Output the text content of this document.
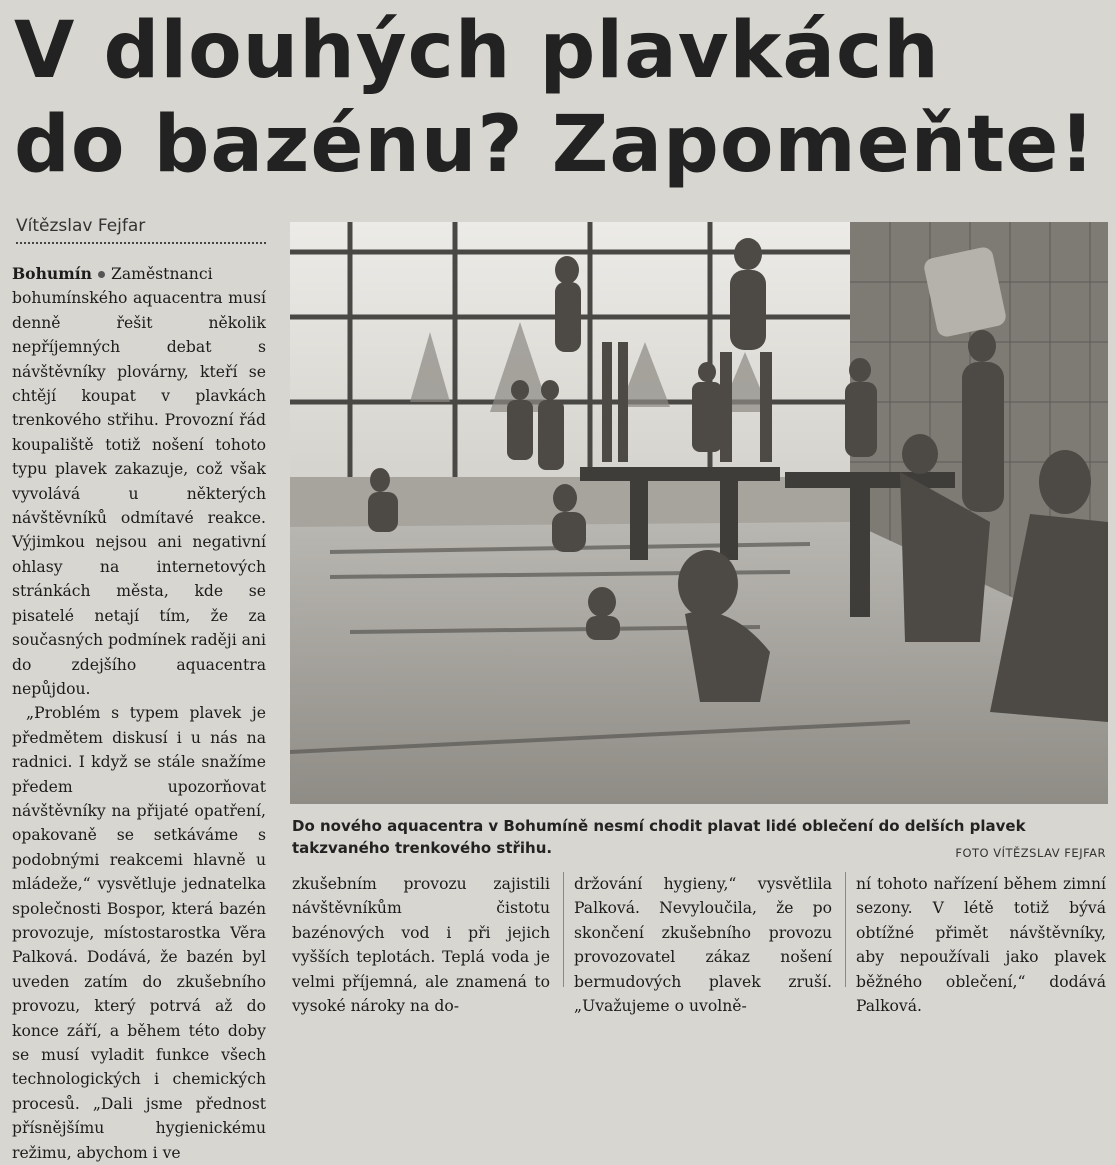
V dlouhých plavkách
do bazénu? Zapomeňte!
Vítězslav Fejfar

Bohumín Zaměstnanci bohumínského aquacentra musí denně řešit několik nepříjemných debat s návštěvníky plovárny, kteří se chtějí koupat v plavkách trenkového střihu. Provozní řád koupaliště totiž nošení tohoto typu plavek zakazuje, což však vyvolává u některých návštěvníků odmítavé reakce. Výjimkou nejsou ani negativní ohlasy na internetových stránkách města, kde se pisatelé netají tím, že za současných podmínek raději ani do zdejšího aquacentra nepůjdou.

„Problém s typem plavek je předmětem diskusí i u nás na radnici. I když se stále snažíme předem upozorňovat návštěvníky na přijaté opatření, opakovaně se setkáváme s podobnými reakcemi hlavně u mládeže,“ vysvětluje jednatelka společnosti Bospor, která bazén provozuje, místostarostka Věra Palková. Dodává, že bazén byl uveden zatím do zkušebního provozu, který potrvá až do konce září, a během této doby se musí vyladit funkce všech technologických i chemických procesů. „Dali jsme přednost přísnějšímu hygienickému režimu, abychom i ve

Do nového aquacentra v Bohumíně nesmí chodit plavat lidé oblečení do delších plavek takzvaného trenkového střihu.	FOTO VÍTĚZSLAV FEJFAR

zkušebním provozu zajistili návštěvníkům čistotu bazénových vod i při jejich vyšších teplotách. Teplá voda je velmi příjemná, ale znamená to vysoké nároky na do-

držování hygieny,“ vysvětlila Palková. Nevyloučila, že po skončení zkušebního provozu provozovatel zákaz nošení bermudových plavek zruší. „Uvažujeme o uvolně-

ní tohoto nařízení během zimní sezony. V létě totiž bývá obtížné přimět návštěvníky, aby nepoužívali jako plavek běžného oblečení,“ dodává Palková.
